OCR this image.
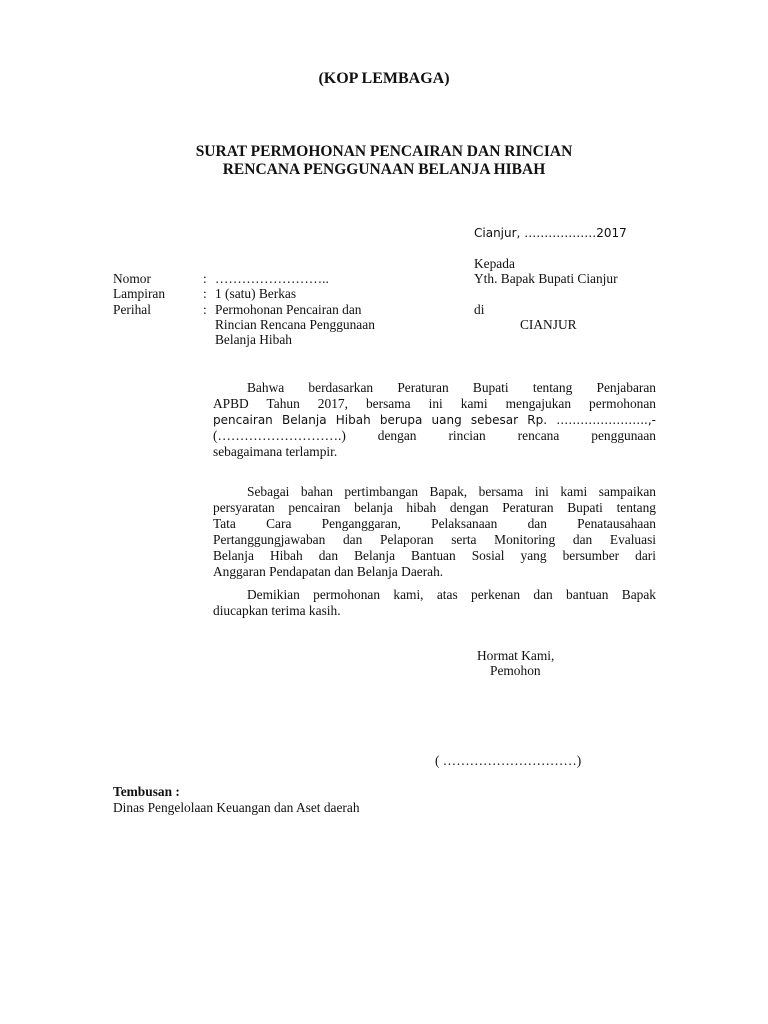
(KOP LEMBAGA)
SURAT PERMOHONAN PENCAIRAN DAN RINCIAN
RENCANA PENGGUNAAN BELANJA HIBAH
Cianjur, ………………2017
Kepada
Yth. Bapak Bupati Cianjur
di
CIANJUR
Nomor	: ……………………..
Lampiran	: 1 (satu) Berkas
Perihal	: Permohonan Pencairan dan
Rincian Rencana Penggunaan
Belanja Hibah
Bahwa berdasarkan Peraturan Bupati tentang Penjabaran
APBD Tahun 2017, bersama ini kami mengajukan permohonan
pencairan Belanja Hibah berupa uang sebesar Rp. …………………..,-
(……………………….) dengan rincian rencana penggunaan
sebagaimana terlampir.
Sebagai bahan pertimbangan Bapak, bersama ini kami sampaikan
persyaratan pencairan belanja hibah dengan Peraturan Bupati tentang
Tata Cara Penganggaran, Pelaksanaan dan Penatausahaan
Pertanggungjawaban dan Pelaporan serta Monitoring dan Evaluasi
Belanja Hibah dan Belanja Bantuan Sosial yang bersumber dari
Anggaran Pendapatan dan Belanja Daerah.
Demikian permohonan kami, atas perkenan dan bantuan Bapak
diucapkan terima kasih.
Hormat Kami,
Pemohon
( …………………………)
Tembusan :
Dinas Pengelolaan Keuangan dan Aset daerah
